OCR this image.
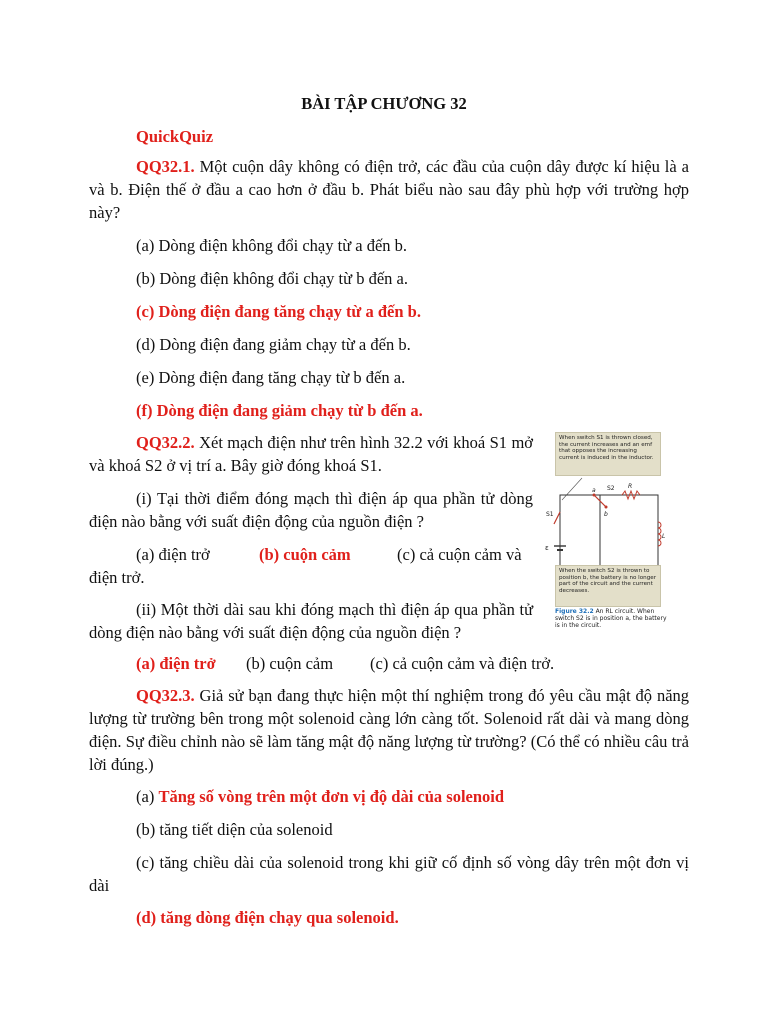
BÀI TẬP CHƯƠNG 32
QuickQuiz
QQ32.1. Một cuộn dây không có điện trở, các đầu của cuộn dây được kí hiệu là a và b. Điện thế ở đầu a cao hơn ở đầu b. Phát biểu nào sau đây phù hợp với trường hợp này?
(a) Dòng điện không đổi chạy từ a đến b.
(b) Dòng điện không đổi chạy từ b đến a.
(c) Dòng điện đang tăng chạy từ a đến b.
(d) Dòng điện đang giảm chạy từ a đến b.
(e) Dòng điện đang tăng chạy từ b đến a.
(f) Dòng điện đang giảm chạy từ b đến a.
QQ32.2. Xét mạch điện như trên hình 32.2 với khoá S1 mở và khoá S2 ở vị trí a. Bây giờ đóng khoá S1.
(i) Tại thời điểm đóng mạch thì điện áp qua phần tử dòng điện nào bằng với suất điện động của nguồn điện ?
(a) điện trở	(b) cuộn cảm	(c) cả cuộn cảm và
điện trở.
(ii) Một thời dài sau khi đóng mạch thì điện áp qua phần tử dòng điện nào bằng với suất điện động của nguồn điện ?
(a) điện trở (b) cuộn cảm (c) cả cuộn cảm và điện trở.
When switch S1 is thrown closed, the current increases and an emf that opposes the increasing current is induced in the inductor.
a
b
S2 R
S1
L
ε
When the switch S2 is thrown to position b, the battery is no longer part of the circuit and the current decreases.
Figure 32.2 An RL circuit. When switch S2 is in position a, the battery is in the circuit.
QQ32.3. Giả sử bạn đang thực hiện một thí nghiệm trong đó yêu cầu mật độ năng lượng từ trường bên trong một solenoid càng lớn càng tốt. Solenoid rất dài và mang dòng điện. Sự điều chỉnh nào sẽ làm tăng mật độ năng lượng từ trường? (Có thể có nhiều câu trả lời đúng.)
(a) Tăng số vòng trên một đơn vị độ dài của solenoid
(b) tăng tiết diện của solenoid
(c) tăng chiều dài của solenoid trong khi giữ cố định số vòng dây trên một đơn vị dài
(d) tăng dòng điện chạy qua solenoid.
